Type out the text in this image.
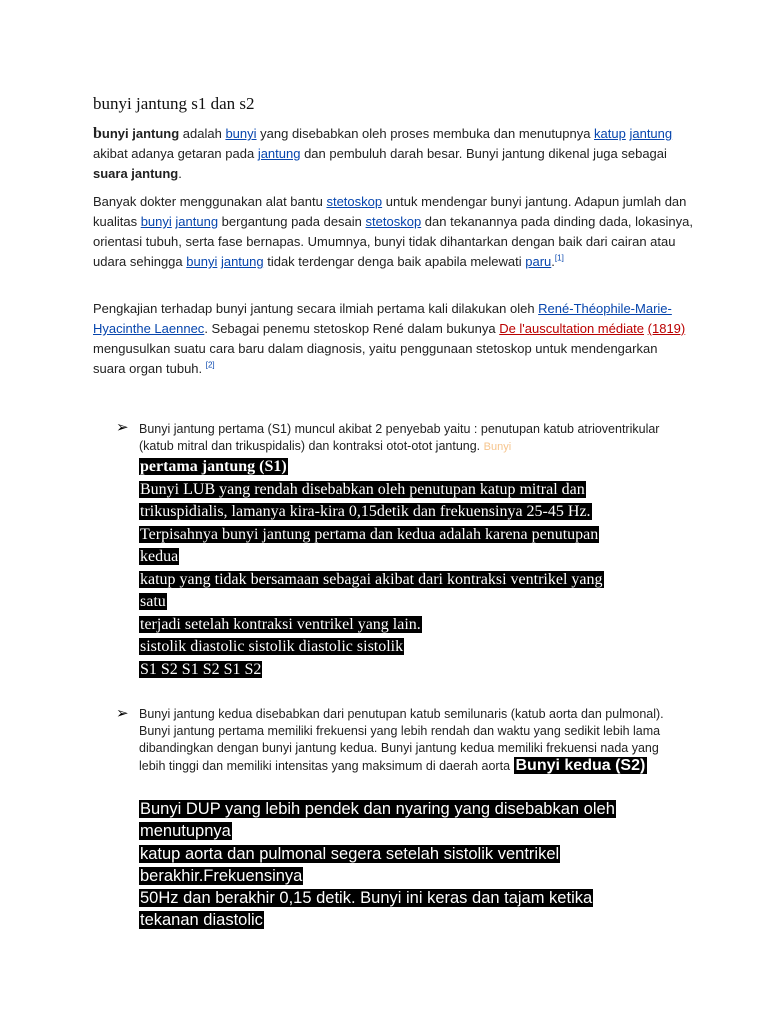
bunyi jantung s1 dan s2
bunyi jantung adalah bunyi yang disebabkan oleh proses membuka dan menutupnya katup jantung akibat adanya getaran pada jantung dan pembuluh darah besar. Bunyi jantung dikenal juga sebagai suara jantung.
Banyak dokter menggunakan alat bantu stetoskop untuk mendengar bunyi jantung. Adapun jumlah dan kualitas bunyi jantung bergantung pada desain stetoskop dan tekanannya pada dinding dada, lokasinya, orientasi tubuh, serta fase bernapas. Umumnya, bunyi tidak dihantarkan dengan baik dari cairan atau udara sehingga bunyi jantung tidak terdengar denga baik apabila melewati paru.[1]
Pengkajian terhadap bunyi jantung secara ilmiah pertama kali dilakukan oleh René-Théophile-Marie-Hyacinthe Laennec. Sebagai penemu stetoskop René dalam bukunya De l'auscultation médiate (1819) mengusulkan suatu cara baru dalam diagnosis, yaitu penggunaan stetoskop untuk mendengarkan suara organ tubuh. [2]
➢ Bunyi jantung pertama (S1) muncul akibat 2 penyebab yaitu : penutupan katub atrioventrikular (katub mitral dan trikuspidalis) dan kontraksi otot-otot jantung. Bunyi
pertama jantung (S1)
Bunyi LUB yang rendah disebabkan oleh penutupan katup mitral dan
trikuspidialis, lamanya kira-kira 0,15detik dan frekuensinya 25-45 Hz.
Terpisahnya bunyi jantung pertama dan kedua adalah karena penutupan
kedua
katup yang tidak bersamaan sebagai akibat dari kontraksi ventrikel yang
satu
terjadi setelah kontraksi ventrikel yang lain.
sistolik diastolic sistolik diastolic sistolik
S1 S2 S1 S2 S1 S2
➢ Bunyi jantung kedua disebabkan dari penutupan katub semilunaris (katub aorta dan pulmonal). Bunyi jantung pertama memiliki frekuensi yang lebih rendah dan waktu yang sedikit lebih lama dibandingkan dengan bunyi jantung kedua. Bunyi jantung kedua memiliki frekuensi nada yang lebih tinggi dan memiliki intensitas yang maksimum di daerah aorta Bunyi kedua (S2)
Bunyi DUP yang lebih pendek dan nyaring yang disebabkan oleh
menutupnya
katup aorta dan pulmonal segera setelah sistolik ventrikel
berakhir.Frekuensinya
50Hz dan berakhir 0,15 detik. Bunyi ini keras dan tajam ketika
tekanan diastolic
